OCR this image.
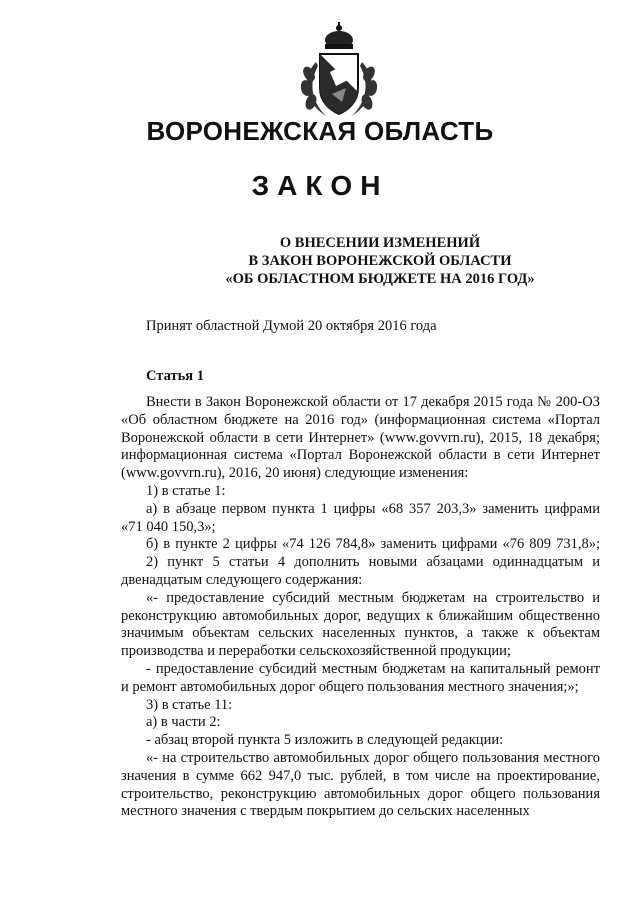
ВОРОНЕЖСКАЯ ОБЛАСТЬ
ЗАКОН
О ВНЕСЕНИИ ИЗМЕНЕНИЙ
В ЗАКОН ВОРОНЕЖСКОЙ ОБЛАСТИ
«ОБ ОБЛАСТНОМ БЮДЖЕТЕ НА 2016 ГОД»
Принят областной Думой 20 октября 2016 года
Статья 1

Внести в Закон Воронежской области от 17 декабря 2015 года № 200-ОЗ «Об областном бюджете на 2016 год» (информационная система «Портал Воронежской области в сети Интернет» (www.govvrn.ru), 2015, 18 декабря; информационная система «Портал Воронежской области в сети Интернет (www.govvrn.ru), 2016, 20 июня) следующие изменения:

1) в статье 1:

а) в абзаце первом пункта 1 цифры «68 357 203,3» заменить цифрами «71 040 150,3»;

б) в пункте 2 цифры «74 126 784,8» заменить цифрами «76 809 731,8»;

2) пункт 5 статьи 4 дополнить новыми абзацами одиннадцатым и двенадцатым следующего содержания:

«- предоставление субсидий местным бюджетам на строительство и реконструкцию автомобильных дорог, ведущих к ближайшим общественно значимым объектам сельских населенных пунктов, а также к объектам производства и переработки сельскохозяйственной продукции;

- предоставление субсидий местным бюджетам на капитальный ремонт и ремонт автомобильных дорог общего пользования местного значения;»;

3) в статье 11:

а) в части 2:

- абзац второй пункта 5 изложить в следующей редакции:

«- на строительство автомобильных дорог общего пользования местного значения в сумме 662 947,0 тыс. рублей, в том числе на проектирование, строительство, реконструкцию автомобильных дорог общего пользования местного значения с твердым покрытием до сельских населенных
